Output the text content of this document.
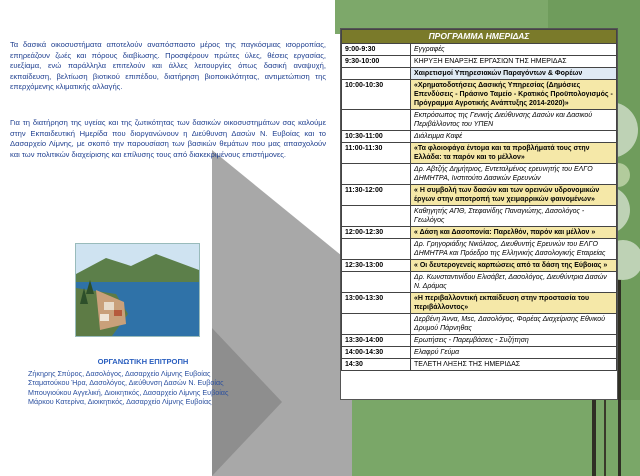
Τα δασικά οικοσυστήματα αποτελούν αναπόσπαστο μέρος της παγκόσμιας ισορροπίας, επηρεάζουν ζωές και πόρους διαβίωσης. Προσφέρουν πρώτες ύλες, θέσεις εργασίας, ευεξίαμα, ενώ παράλληλα επιτελούν και άλλες λειτουργίες όπως δασική αναψυχή, εκπαίδευση, βελτίωση βιοτικού επιπέδου, διατήρηση βιοποικιλότητας, αντιμετώπιση της επερχόμενης κλιματικής αλλαγής.

Για τη διατήρηση της υγείας και της ζωτικότητας των δασικών οικοσυστημάτων σας καλούμε στην Εκπαιδευτική Ημερίδα που διοργανώνουν η Διεύθυνση Δασών Ν. Ευβοίας και το Δασαρχείο Λίμνης, με σκοπό την παρουσίαση των βασικών θεμάτων που μας απασχολούν και των πολιτικών διαχείρισης και επίλυσης τους από διακεκριμένους επιστήμονες.

ΟΡΓΑΝΩΤΙΚΗ ΕΠΙΤΡΟΠΗ
Ζήκηρης Σπύρος, Δασολόγος, Δασαρχείο Λίμνης Ευβοίας
Σταματούκου Ήρα, Δασολόγος, Διεύθυνση Δασών Ν. Ευβοίας
Μπουγιούκου Αγγελική, Διοικητικός, Δασαρχείο Λίμνης Ευβοίας
Μάρκου Κατερίνα, Διοικητικός, Δασαρχείο Λίμνης Ευβοίας
ΠΡΟΓΡΑΜΜΑ ΗΜΕΡΙΔΑΣ	
9:00-9:30	Εγγραφές
9:30-10:00	ΚΗΡΥΞΗ ΕΝΑΡΞΗΣ ΕΡΓΑΣΙΩΝ ΤΗΣ ΗΜΕΡΙΔΑΣ
	Χαιρετισμοί Υπηρεσιακών Παραγόντων & Φορέων
10:00-10:30	«Χρηματοδοτήσεις Δασικής Υπηρεσίας (Δημόσιες Επενδύσεις - Πράσινο Ταμείο - Κρατικός Προϋπολογισμός - Πρόγραμμα Αγροτικής Ανάπτυξης 2014-2020)»
	Εκπρόσωπος της Γενικής Διεύθυνσης Δασών και Δασικού Περιβάλλοντος του ΥΠΕΝ
10:30-11:00	Διάλειμμα Καφέ
11:00-11:30	«Τα φλοιοφάγα έντομα και τα προβλήματά τους στην Ελλάδα: τα παρόν και το μέλλον»
	Δρ. Αβτζής Δημήτριος, Εντεταλμένος ερευνητής του ΕΛΓΟ ΔΗΜΗΤΡΑ, Ινστιτούτο Δασικών Ερευνών
11:30-12:00	« Η συμβολή των δασών και των ορεινών υδρονομικών έργων στην αποτροπή των χειμαρρικών φαινομένων»
	Καθηγητής ΑΠΘ, Στεφανίδης Παναγιώτης, Δασολόγος - Γεωλόγος
12:00-12:30	« Δάση και Δασοπονία: Παρελθόν, παρόν και μέλλον »
	Δρ. Γρηγοριάδης Νικόλαος, Διευθυντής Ερευνών του ΕΛΓΟ ΔΗΜΗΤΡΑ και Πρόεδρο της Ελληνικής Δασολογικής Εταιρείας
12:30-13:00	« Οι δευτερογενείς καρπώσεις από τα δάση της Εύβοιας »
	Δρ. Κωνσταντινίδου Ελισάβετ, Δασολόγος, Διευθύντρια Δασών Ν. Δράμας
13:00-13:30	«Η περιβαλλοντική εκπαίδευση στην προστασία του περιβάλλοντος»
	Δερβένη Άννα, Msc, Δασολόγος, Φορέας Διαχείρισης Εθνικού Δρυμού Πάρνηθας
13:30-14:00	Ερωτήσεις - Παρεμβάσεις - Συζήτηση
14:00-14:30	Ελαφρύ Γεύμα
14:30	ΤΕΛΕΤΗ ΛΗΞΗΣ ΤΗΣ ΗΜΕΡΙΔΑΣ
